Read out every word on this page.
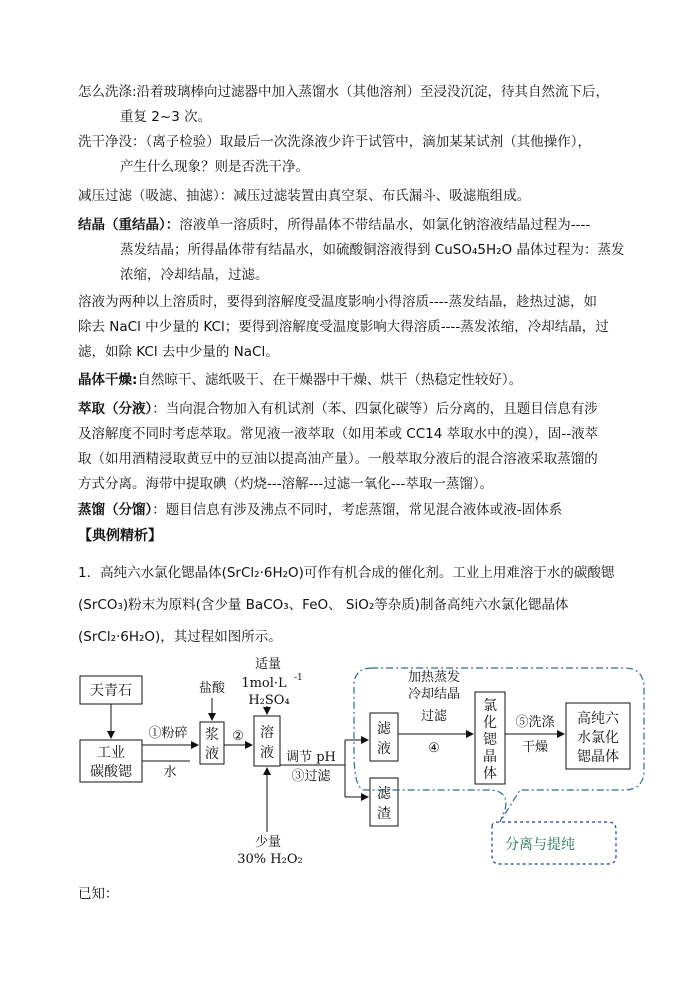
怎么洗涤:沿着玻璃棒向过滤器中加入蒸馏水（其他溶剂）至浸没沉淀，待其自然流下后，
重复 2~3 次。

洗干净没：（离子检验）取最后一次洗涤液少许于试管中，滴加某某试剂（其他操作），
产生什么现象？则是否洗干净。

减压过滤（吸滤、抽滤）：减压过滤装置由真空泵、布氏漏斗、吸滤瓶组成。

结晶（重结晶）：溶液单一溶质时，所得晶体不带结晶水，如氯化钠溶液结晶过程为----
蒸发结晶；所得晶体带有结晶水，如硫酸铜溶液得到 CuSO₄5H₂O 晶体过程为：蒸发
浓缩，冷却结晶，过滤。

溶液为两种以上溶质时，要得到溶解度受温度影响小得溶质----蒸发结晶，趁热过滤，如
除去 NaCl 中少量的 KCl；要得到溶解度受温度影响大得溶质----蒸发浓缩，冷却结晶，过
滤，如除 KCl 去中少量的 NaCl。

晶体干燥:自然晾干、滤纸吸干、在干燥器中干燥、烘干（热稳定性较好）。

萃取（分液）：当向混合物加入有机试剂（苯、四氯化碳等）后分离的，且题目信息有涉
及溶解度不同时考虑萃取。常见液一液萃取（如用苯或 CC14 萃取水中的溴），固--液萃
取（如用酒精浸取黄豆中的豆油以提高油产量）。一般萃取分液后的混合溶液采取蒸馏的
方式分离。海带中提取碘（灼烧---溶解---过滤一氧化---萃取一蒸馏）。

蒸馏（分馏）：题目信息有涉及沸点不同时，考虑蒸馏，常见混合液体或液-固体系

【典例精析】

1．高纯六水氯化锶晶体(SrCl₂·6H₂O)可作有机合成的催化剂。工业上用难溶于水的碳酸锶
(SrCO₃)粉末为原料(含少量 BaCO₃、FeO、 SiO₂等杂质)制备高纯六水氯化锶晶体
(SrCl₂·6H₂O)，其过程如图所示。

天青石
工业
碳酸锶
浆
液
溶
液
滤
液
滤
渣
氯
化
锶
晶
体
高纯六
水氯化
锶晶体
①粉碎
水
盐酸
②
适量
1mol·L -1
H₂SO₄
调节 pH
③过滤
少量
30% H₂O₂
加热蒸发
冷却结晶
过滤
④
⑤洗涤
干燥
分离与提纯

已知：
